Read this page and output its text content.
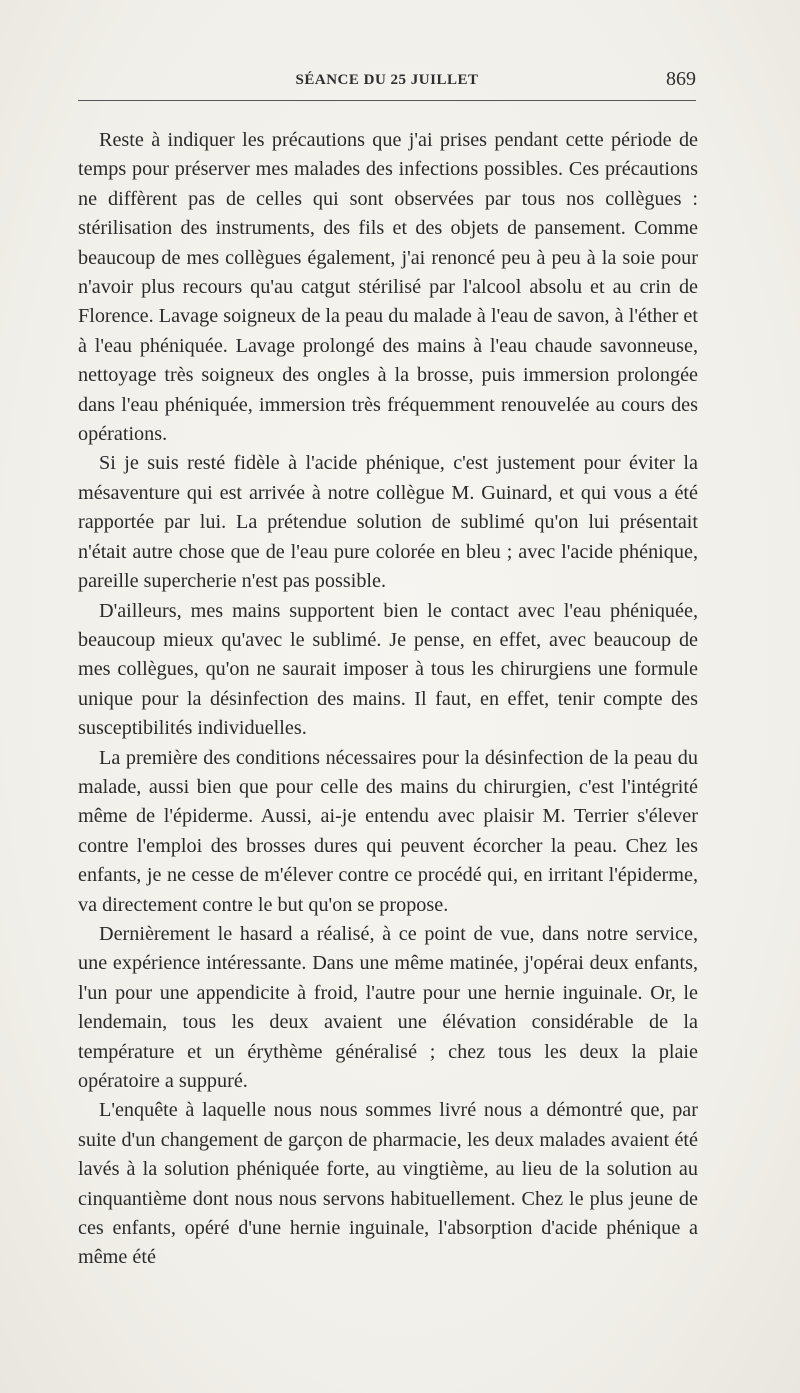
SÉANCE DU 25 JUILLET	869

Reste à indiquer les précautions que j'ai prises pendant cette période de temps pour préserver mes malades des infections possibles. Ces précautions ne diffèrent pas de celles qui sont observées par tous nos collègues : stérilisation des instruments, des fils et des objets de pansement. Comme beaucoup de mes collègues également, j'ai renoncé peu à peu à la soie pour n'avoir plus recours qu'au catgut stérilisé par l'alcool absolu et au crin de Florence. Lavage soigneux de la peau du malade à l'eau de savon, à l'éther et à l'eau phéniquée. Lavage prolongé des mains à l'eau chaude savonneuse, nettoyage très soigneux des ongles à la brosse, puis immersion prolongée dans l'eau phéniquée, immersion très fréquemment renouvelée au cours des opérations.

Si je suis resté fidèle à l'acide phénique, c'est justement pour éviter la mésaventure qui est arrivée à notre collègue M. Guinard, et qui vous a été rapportée par lui. La prétendue solution de sublimé qu'on lui présentait n'était autre chose que de l'eau pure colorée en bleu ; avec l'acide phénique, pareille supercherie n'est pas possible.

D'ailleurs, mes mains supportent bien le contact avec l'eau phéniquée, beaucoup mieux qu'avec le sublimé. Je pense, en effet, avec beaucoup de mes collègues, qu'on ne saurait imposer à tous les chirurgiens une formule unique pour la désinfection des mains. Il faut, en effet, tenir compte des susceptibilités individuelles.

La première des conditions nécessaires pour la désinfection de la peau du malade, aussi bien que pour celle des mains du chirurgien, c'est l'intégrité même de l'épiderme. Aussi, ai-je entendu avec plaisir M. Terrier s'élever contre l'emploi des brosses dures qui peuvent écorcher la peau. Chez les enfants, je ne cesse de m'élever contre ce procédé qui, en irritant l'épiderme, va directement contre le but qu'on se propose.

Dernièrement le hasard a réalisé, à ce point de vue, dans notre service, une expérience intéressante. Dans une même matinée, j'opérai deux enfants, l'un pour une appendicite à froid, l'autre pour une hernie inguinale. Or, le lendemain, tous les deux avaient une élévation considérable de la température et un érythème généralisé ; chez tous les deux la plaie opératoire a suppuré.

L'enquête à laquelle nous nous sommes livré nous a démontré que, par suite d'un changement de garçon de pharmacie, les deux malades avaient été lavés à la solution phéniquée forte, au vingtième, au lieu de la solution au cinquantième dont nous nous servons habituellement. Chez le plus jeune de ces enfants, opéré d'une hernie inguinale, l'absorption d'acide phénique a même été
